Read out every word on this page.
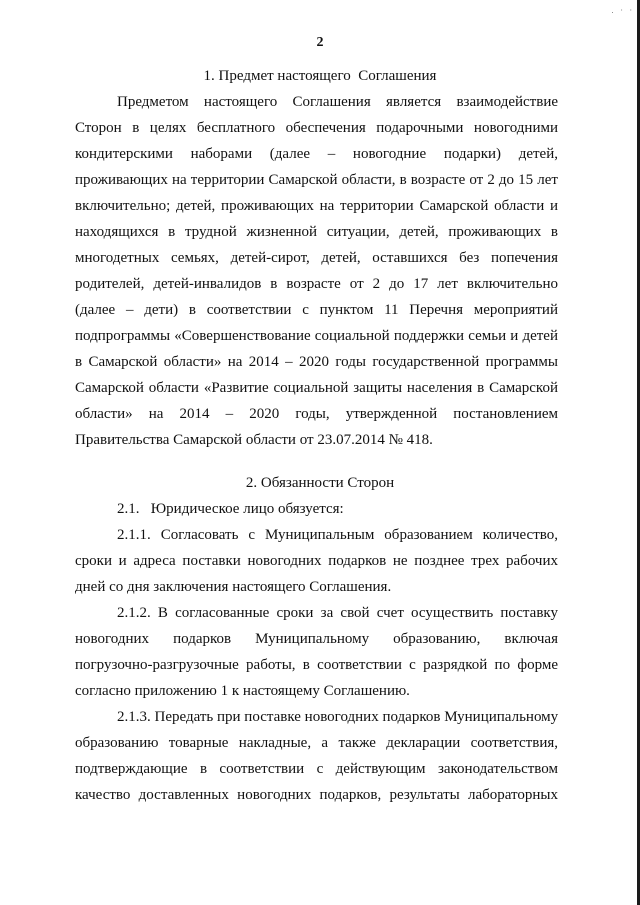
. · ·
2
1. Предмет настоящего  Соглашения
Предметом настоящего Соглашения является взаимодействие
Сторон в целях бесплатного обеспечения подарочными новогодними
кондитерскими наборами (далее – новогодние подарки) детей,
проживающих на территории Самарской области, в возрасте от 2 до 15 лет
включительно; детей, проживающих на территории Самарской области и
находящихся в трудной жизненной ситуации, детей, проживающих в
многодетных семьях, детей-сирот, детей, оставшихся без попечения
родителей, детей-инвалидов в возрасте от 2 до 17 лет включительно
(далее – дети) в соответствии с пунктом 11 Перечня мероприятий
подпрограммы «Совершенствование социальной поддержки семьи и детей
в Самарской области» на 2014 – 2020 годы государственной программы
Самарской области «Развитие социальной защиты населения в Самарской
области» на 2014 – 2020 годы, утвержденной постановлением
Правительства Самарской области от 23.07.2014 № 418.
2. Обязанности Сторон
2.1.   Юридическое лицо обязуется:
2.1.1. Согласовать с Муниципальным образованием количество,
сроки и адреса поставки новогодних подарков не позднее трех рабочих
дней со дня заключения настоящего Соглашения.
2.1.2. В согласованные сроки за свой счет осуществить поставку
новогодних подарков Муниципальному образованию, включая
погрузочно-разгрузочные работы, в соответствии с разрядкой по форме
согласно приложению 1 к настоящему Соглашению.
2.1.3. Передать при поставке новогодних подарков Муниципальному
образованию товарные накладные, а также декларации соответствия,
подтверждающие в соответствии с действующим законодательством
качество доставленных новогодних подарков, результаты лабораторных
